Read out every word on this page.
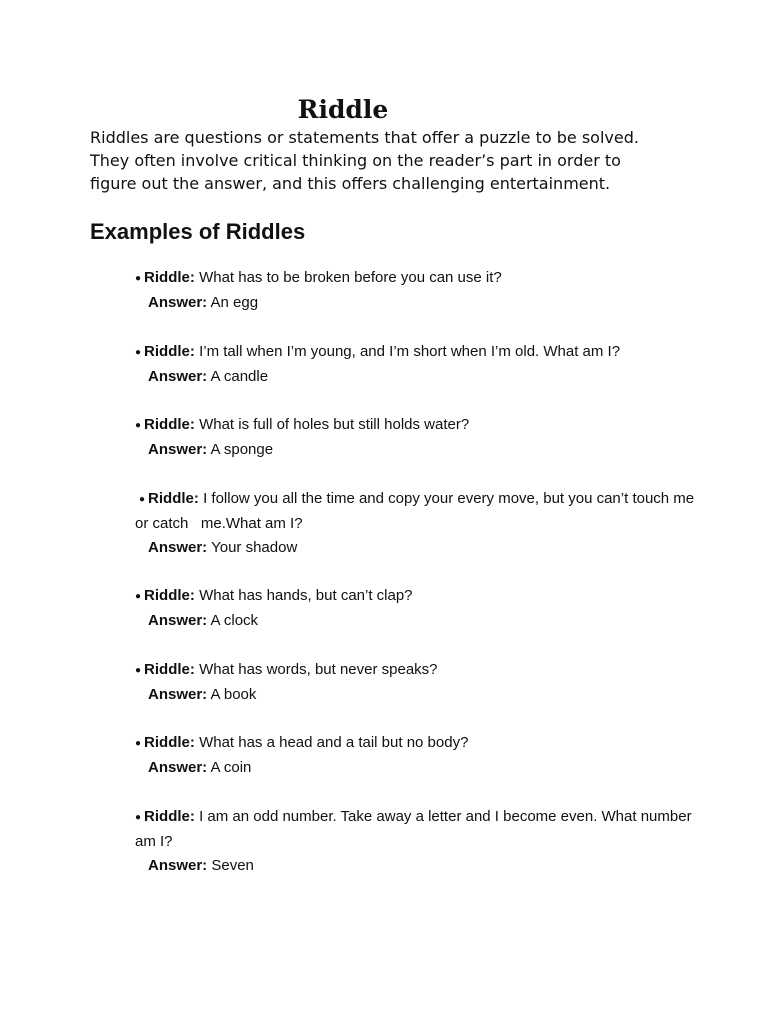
Riddle

Riddles are questions or statements that offer a puzzle to be solved. They often involve critical thinking on the reader’s part in order to figure out the answer, and this offers challenging entertainment.

Examples of Riddles

● Riddle: What has to be broken before you can use it?

Answer: An egg

● Riddle: I’m tall when I’m young, and I’m short when I’m old. What am I?

Answer: A candle

● Riddle: What is full of holes but still holds water?

Answer: A sponge

● Riddle: I follow you all the time and copy your every move, but you can’t touch me or catch   me.What am I?

Answer: Your shadow

● Riddle: What has hands, but can’t clap?

Answer: A clock

● Riddle: What has words, but never speaks?

Answer: A book

● Riddle: What has a head and a tail but no body?

Answer: A coin

● Riddle: I am an odd number. Take away a letter and I become even. What number am I?

Answer: Seven
